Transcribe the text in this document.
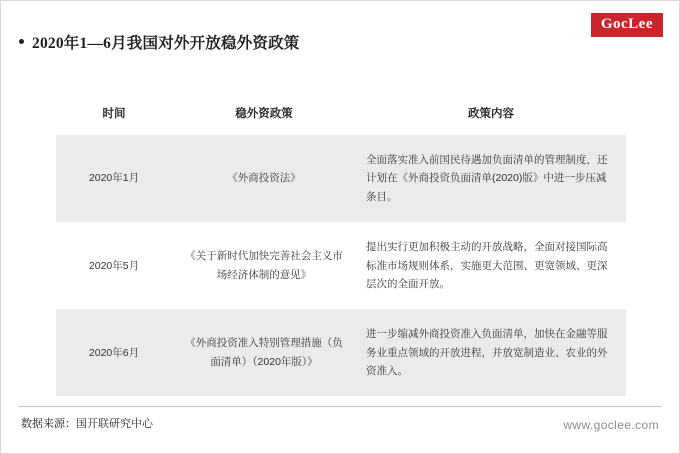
GocLee
2020年1—6月我国对外开放稳外资政策
时间	稳外资政策	政策内容
2020年1月	《外商投资法》	全面落实准入前国民待遇加负面清单的管理制度，还计划在《外商投资负面清单(2020)版》中进一步压减条目。
2020年5月	《关于新时代加快完善社会主义市场经济体制的意见》	提出实行更加积极主动的开放战略，全面对接国际高标准市场规则体系，实施更大范围、更宽领域、更深层次的全面开放。
2020年6月	《外商投资准入特别管理措施（负面清单）（2020年版）》	进一步缩减外商投资准入负面清单，加快在金融等服务业重点领域的开放进程，并放宽制造业、农业的外资准入。
数据来源：国开联研究中心	www.goclee.com
